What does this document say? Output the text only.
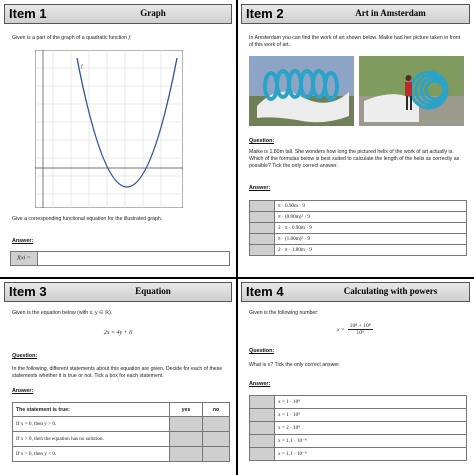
Item 1	Graph
Given is a part of the graph of a quadratic function f:
f
Give a corresponding functional equation for the illustrated graph.
Answer:
f(x) =
Item 2	Art in Amsterdam
In Amsterdam you can find the work of art shown below. Maike had her picture taken in front of this work of art.
Question:
Maike is 1.80m tall. She wonders how long the pictured helix of the work of art actually is. Which of the formulas below is best suited to calculate the length of the helix as correctly as possible? Tick the only correct answer.
Answer:
	π · 0.90m · 9
	π · (0.90m)² · 9
	2 · π · 0.90m · 9
	π · (1.80m)² · 9
	2 · π · 1.80m · 9
Item 3	Equation
Given is the equation below (with x, y ∈ ℝ).
2x = 4y + 6
Question:
In the following, different statements about this equation are given. Decide for each of these statements whether it is true or not. Tick a box for each statement.
Answer:
The statement is true:	yes	no
If x = 0, then y > 0.		
If x > 0, then the equation has no solution.		
If x > 0, then y < 0.		
Item 4	Calculating with powers
Given is the following number:
$x = \frac{\text{10⁸ + 10⁸}}{\text{10⁹}}$
Question:
What is x? Tick the only correct answer.
Answer:
	x = 1 · 10⁸
	x = 1 · 10⁹
	x = 2 · 10⁸
	x = 1,1 · 10⁻⁸
	x = 1,1 · 10⁻⁸
